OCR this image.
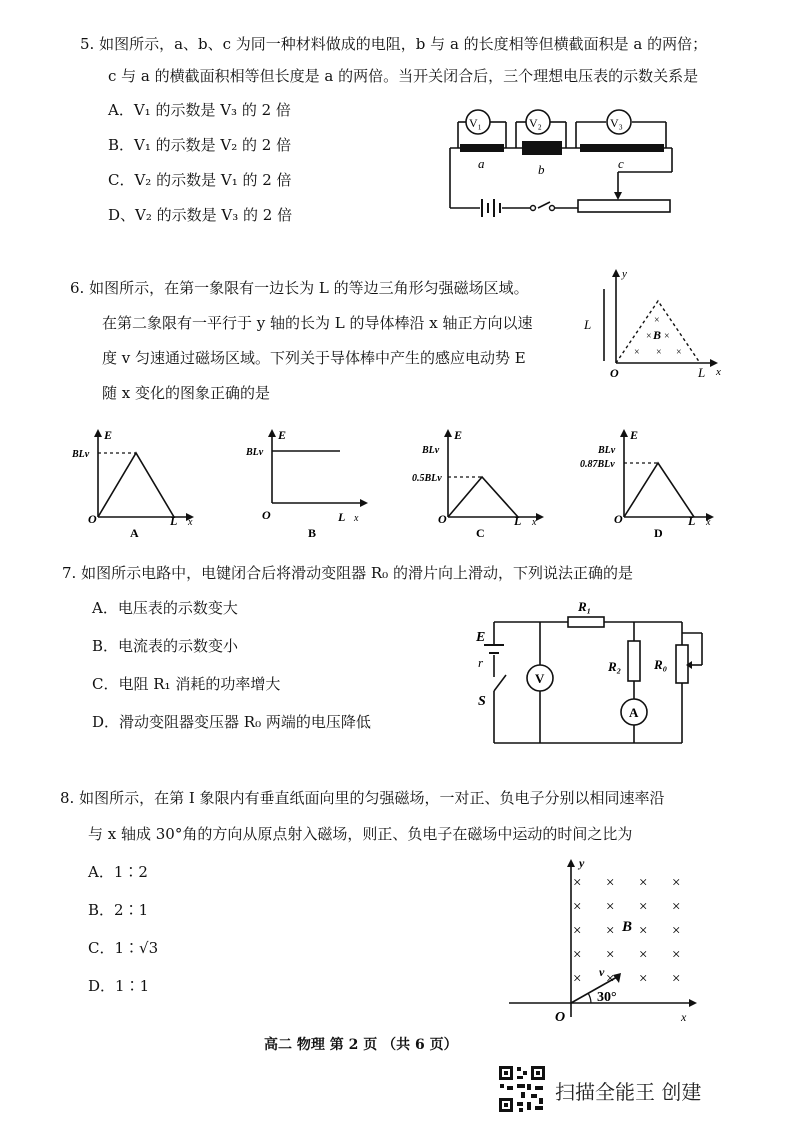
5. 如图所示，a、b、c 为同一种材料做成的电阻，b 与 a 的长度相等但横截面积是 a 的两倍；
c 与 a 的横截面积相等但长度是 a 的两倍。当开关闭合后，三个理想电压表的示数关系是
A．V₁ 的示数是 V₃ 的 2 倍
B．V₁ 的示数是 V₂ 的 2 倍
C．V₂ 的示数是 V₁ 的 2 倍
D、V₂ 的示数是 V₃ 的 2 倍
V₁	V₂	V₃
a	b	c
6. 如图所示，在第一象限有一边长为 L 的等边三角形匀强磁场区域。
在第二象限有一平行于 y 轴的长为 L 的导体棒沿 x 轴正方向以速
度 v 匀速通过磁场区域。下列关于导体棒中产生的感应电动势 E
随 x 变化的图象正确的是
y
x
L
L
O
×
× B ×
× × ×
E
BLv
O	L x
A
E
BLv
O	L x
B
E
BLv
0.5BLv
O	L x
C
E
BLv
0.87BLv
O	L x
D
7. 如图所示电路中，电键闭合后将滑动变阻器 R₀ 的滑片向上滑动，下列说法正确的是
A．电压表的示数变大
B．电流表的示数变小
C．电阻 R₁ 消耗的功率增大
D．滑动变阻器变压器 R₀ 两端的电压降低
V
A
E
r
S
R₁
R₂	R₀
8. 如图所示，在第 I 象限内有垂直纸面向里的匀强磁场，一对正、负电子分别以相同速率沿
与 x 轴成 30°角的方向从原点射入磁场，则正、负电子在磁场中运动的时间之比为
A．1∶2
B．2∶1
C．1∶√3
D．1∶1
y
x
O
B
v
30°
× × × ×
× × × ×
× × × ×
× × × ×
× × × ×
高二 物理 第 2 页 （共 6 页）
扫描全能王 创建
